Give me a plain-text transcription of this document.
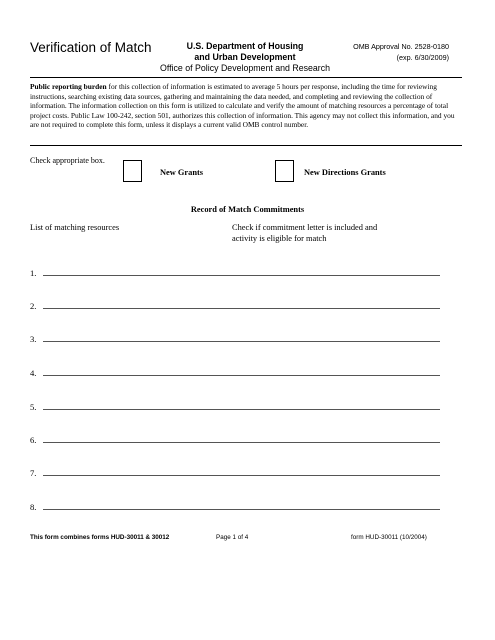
Verification of Match	U.S. Department of Housing
and Urban Development
Office of Policy Development and Research
OMB Approval No. 2528-0180
(exp. 6/30/2009)
Public reporting burden for this collection of information is estimated to average 5 hours per response, including the time for reviewing instructions, searching existing data sources, gathering and maintaining the data needed, and completing and reviewing the collection of information. The information collection on this form is utilized to calculate and verify the amount of matching resources a percentage of total project costs. Public Law 100-242, section 501, authorizes this collection of information. This agency may not collect this information, and you are not required to complete this form, unless it displays a current valid OMB control number.
Check appropriate box.
New Grants	New Directions Grants
Record of Match Commitments
List of matching resources	Check if commitment letter is included and activity is eligible for match
1.
2.
3.
4.
5.
6.
7.
8.
This form combines forms HUD-30011 & 30012	Page 1 of 4	form HUD-30011 (10/2004)
